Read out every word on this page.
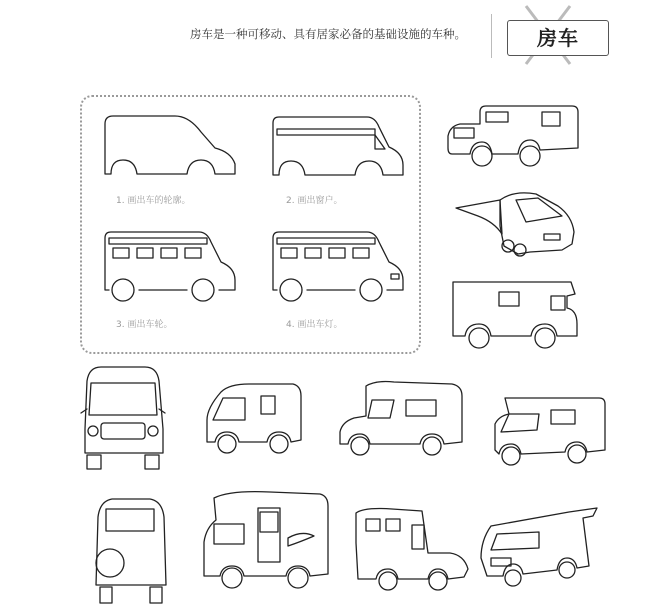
房车是一种可移动、具有居家必备的基础设施的车种。	房车
1. 画出车的轮廓。	2. 画出窗户。
3. 画出车轮。	4. 画出车灯。
